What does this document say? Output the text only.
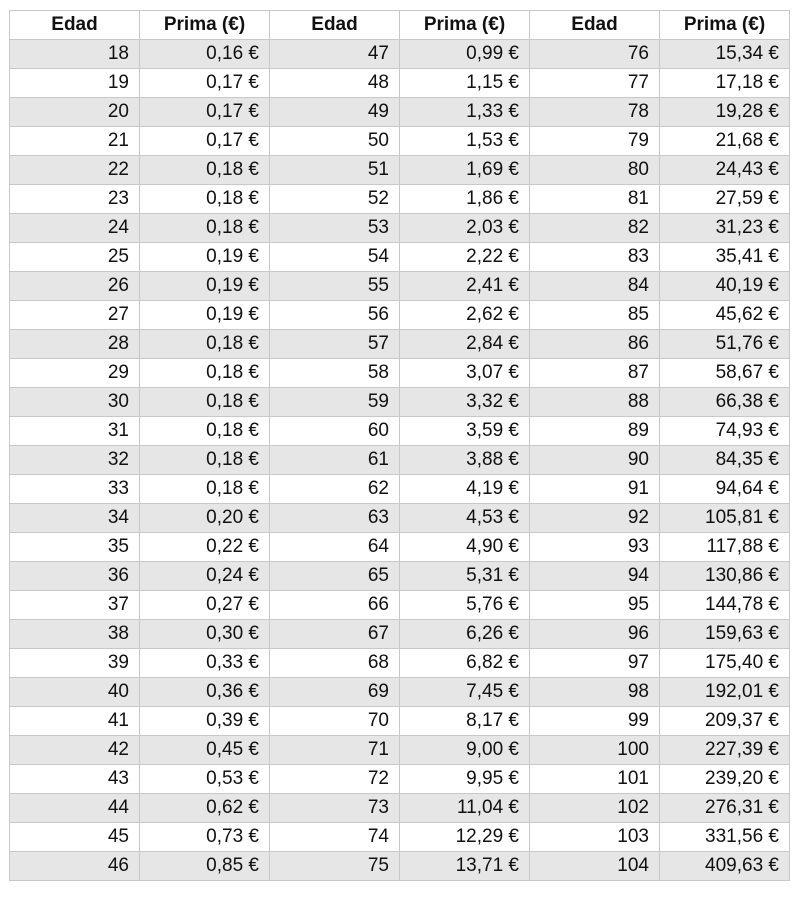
Edad	Prima (€)	Edad	Prima (€)	Edad	Prima (€)
18	0,16 €	47	0,99 €	76	15,34 €
19	0,17 €	48	1,15 €	77	17,18 €
20	0,17 €	49	1,33 €	78	19,28 €
21	0,17 €	50	1,53 €	79	21,68 €
22	0,18 €	51	1,69 €	80	24,43 €
23	0,18 €	52	1,86 €	81	27,59 €
24	0,18 €	53	2,03 €	82	31,23 €
25	0,19 €	54	2,22 €	83	35,41 €
26	0,19 €	55	2,41 €	84	40,19 €
27	0,19 €	56	2,62 €	85	45,62 €
28	0,18 €	57	2,84 €	86	51,76 €
29	0,18 €	58	3,07 €	87	58,67 €
30	0,18 €	59	3,32 €	88	66,38 €
31	0,18 €	60	3,59 €	89	74,93 €
32	0,18 €	61	3,88 €	90	84,35 €
33	0,18 €	62	4,19 €	91	94,64 €
34	0,20 €	63	4,53 €	92	105,81 €
35	0,22 €	64	4,90 €	93	117,88 €
36	0,24 €	65	5,31 €	94	130,86 €
37	0,27 €	66	5,76 €	95	144,78 €
38	0,30 €	67	6,26 €	96	159,63 €
39	0,33 €	68	6,82 €	97	175,40 €
40	0,36 €	69	7,45 €	98	192,01 €
41	0,39 €	70	8,17 €	99	209,37 €
42	0,45 €	71	9,00 €	100	227,39 €
43	0,53 €	72	9,95 €	101	239,20 €
44	0,62 €	73	11,04 €	102	276,31 €
45	0,73 €	74	12,29 €	103	331,56 €
46	0,85 €	75	13,71 €	104	409,63 €
